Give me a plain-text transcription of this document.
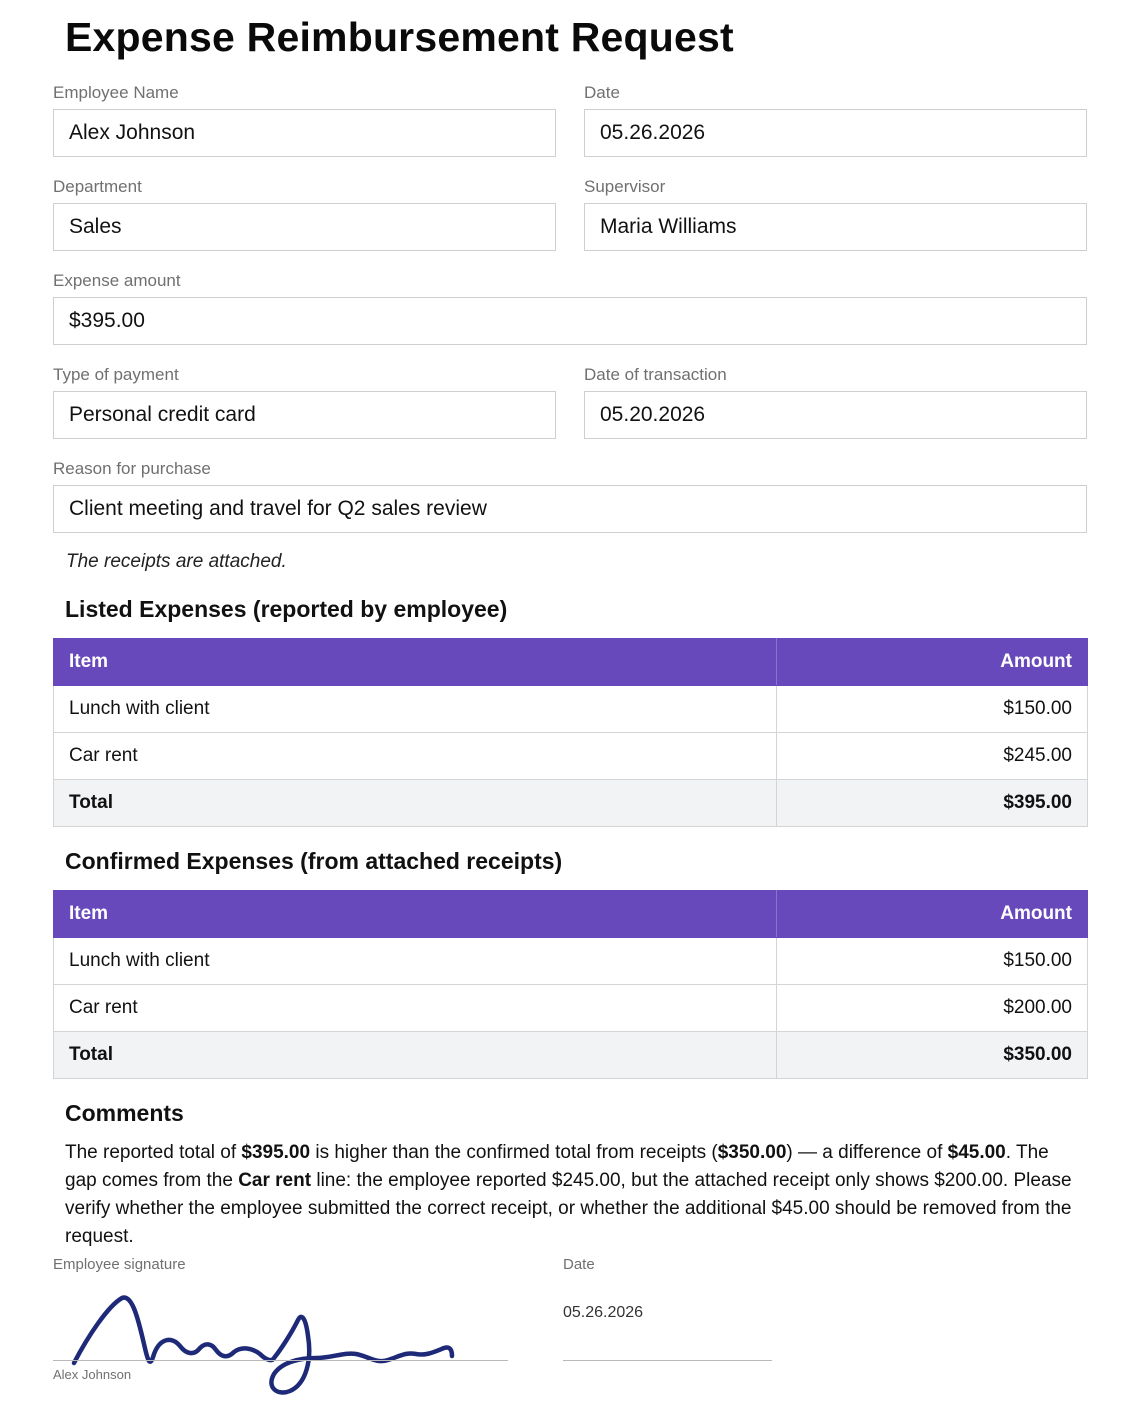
Expense Reimbursement Request
Employee Name
Alex Johnson
Date
05.26.2026
Department
Sales
Supervisor
Maria Williams
Expense amount
$395.00
Type of payment
Personal credit card
Date of transaction
05.20.2026
Reason for purchase
Client meeting and travel for Q2 sales review

The receipts are attached.

Listed Expenses (reported by employee)
Item	Amount
Lunch with client	$150.00
Car rent	$245.00
Total	$395.00
Confirmed Expenses (from attached receipts)
Item	Amount
Lunch with client	$150.00
Car rent	$200.00
Total	$350.00
Comments

The reported total of $395.00 is higher than the confirmed total from receipts ($350.00) — a difference of $45.00. The gap comes from the Car rent line: the employee reported $245.00, but the attached receipt only shows $200.00. Please verify whether the employee submitted the correct receipt, or whether the additional $45.00 should be removed from the request.

Employee signature	Date
Alex Johnson
05.26.2026
